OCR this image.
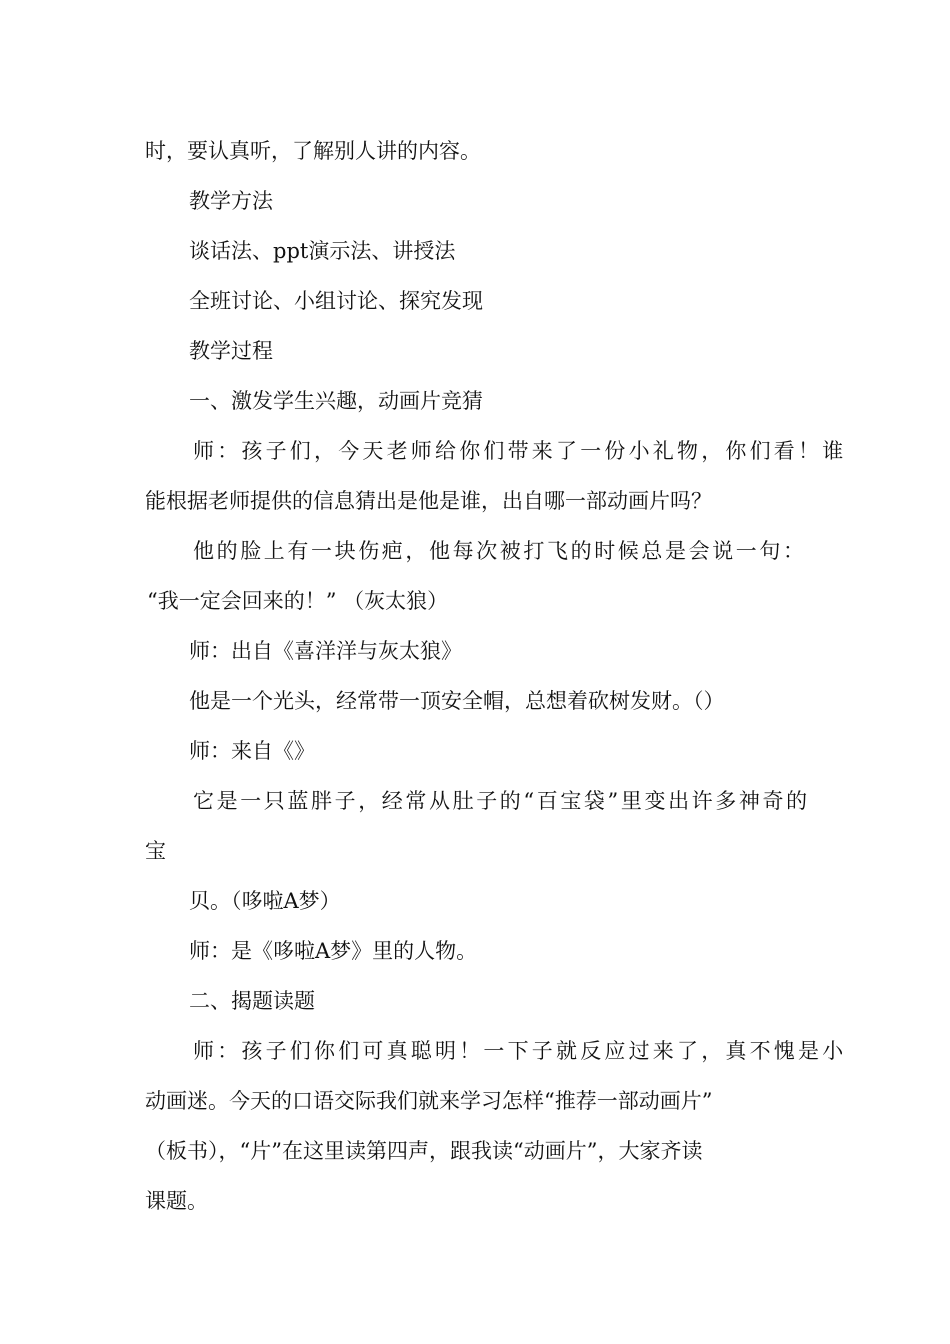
时，要认真听，了解别人讲的内容。
教学方法
谈话法、ppt演示法、讲授法
全班讨论、小组讨论、探究发现
教学过程
一、激发学生兴趣，动画片竞猜
师：孩子们，今天老师给你们带来了一份小礼物，你们看！谁
能根据老师提供的信息猜出是他是谁，出自哪一部动画片吗？
他的脸上有一块伤疤，他每次被打飞的时候总是会说一句：
“我一定会回来的！” （灰太狼）
师：出自《喜洋洋与灰太狼》
他是一个光头，经常带一顶安全帽，总想着砍树发财。（）
师：来自《》
它是一只蓝胖子，经常从肚子的“百宝袋”里变出许多神奇的
宝
贝。（哆啦A梦）
师：是《哆啦A梦》里的人物。
二、揭题读题
师：孩子们你们可真聪明！一下子就反应过来了，真不愧是小
动画迷。今天的口语交际我们就来学习怎样“推荐一部动画片”
（板书），“片”在这里读第四声，跟我读“动画片”，大家齐读
课题。
